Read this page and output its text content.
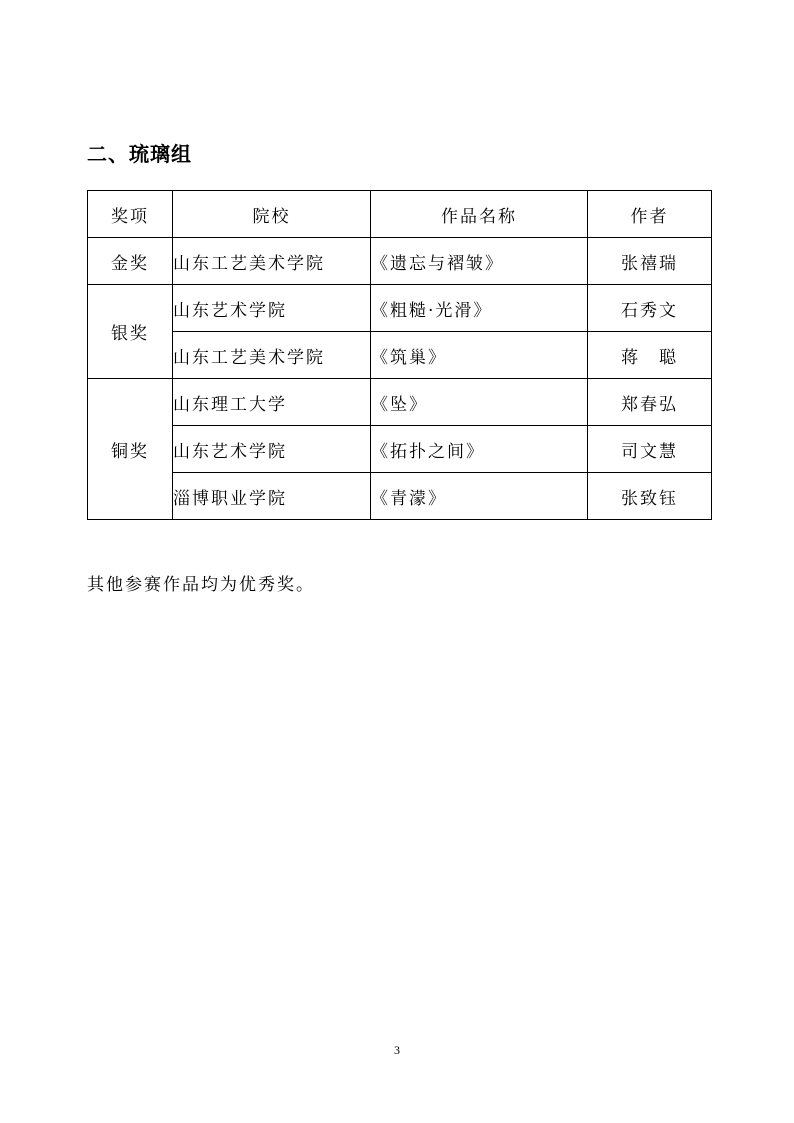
二、琉璃组
奖项	院校	作品名称	作者
金奖	山东工艺美术学院	《遗忘与褶皱》	张禧瑞
银奖	山东艺术学院	《粗糙·光滑》	石秀文
	山东工艺美术学院	《筑巢》	蒋　聪
铜奖	山东理工大学	《坠》	郑春弘
	山东艺术学院	《拓扑之间》	司文慧
	淄博职业学院	《青濛》	张致钰
其他参赛作品均为优秀奖。
3
